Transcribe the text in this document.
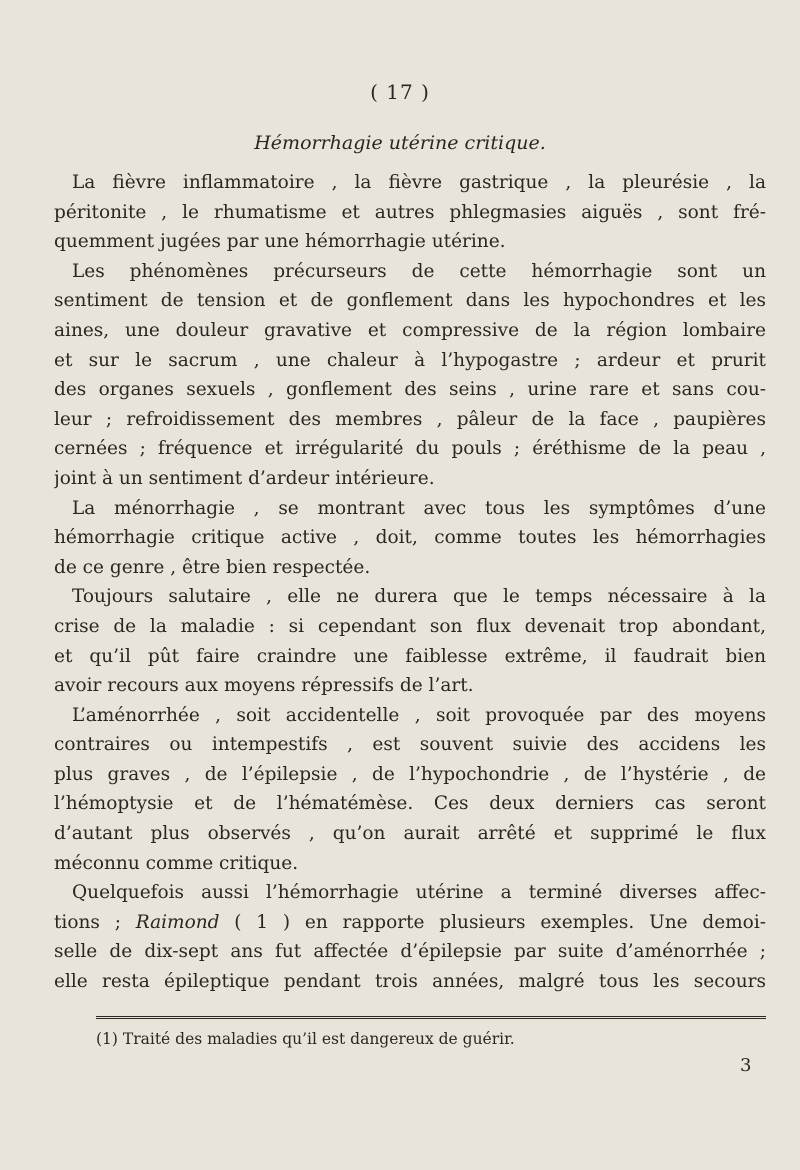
( 17 )
Hémorrhagie utérine critique.
La fièvre inflammatoire , la fièvre gastrique , la pleurésie , la
péritonite , le rhumatisme et autres phlegmasies aiguës , sont fré-
quemment jugées par une hémorrhagie utérine.
Les phénomènes précurseurs de cette hémorrhagie sont un
sentiment de tension et de gonflement dans les hypochondres et les
aines, une douleur gravative et compressive de la région lombaire
et sur le sacrum , une chaleur à l’hypogastre ; ardeur et prurit
des organes sexuels , gonflement des seins , urine rare et sans cou-
leur ; refroidissement des membres , pâleur de la face , paupières
cernées ; fréquence et irrégularité du pouls ; éréthisme de la peau ,
joint à un sentiment d’ardeur intérieure.
La ménorrhagie , se montrant avec tous les symptômes d’une
hémorrhagie critique active , doit, comme toutes les hémorrhagies
de ce genre , être bien respectée.
Toujours salutaire , elle ne durera que le temps nécessaire à la
crise de la maladie : si cependant son flux devenait trop abondant,
et qu’il pût faire craindre une faiblesse extrême, il faudrait bien
avoir recours aux moyens répressifs de l’art.
L’aménorrhée , soit accidentelle , soit provoquée par des moyens
contraires ou intempestifs , est souvent suivie des accidens les
plus graves , de l’épilepsie , de l’hypochondrie , de l’hystérie , de
l’hémoptysie et de l’hématémèse. Ces deux derniers cas seront
d’autant plus observés , qu’on aurait arrêté et supprimé le flux
méconnu comme critique.
Quelquefois aussi l’hémorrhagie utérine a terminé diverses affec-
tions ; Raimond ( 1 ) en rapporte plusieurs exemples. Une demoi-
selle de dix-sept ans fut affectée d’épilepsie par suite d’aménorrhée ;
elle resta épileptique pendant trois années, malgré tous les secours
(1) Traité des maladies qu’il est dangereux de guérir.
3
